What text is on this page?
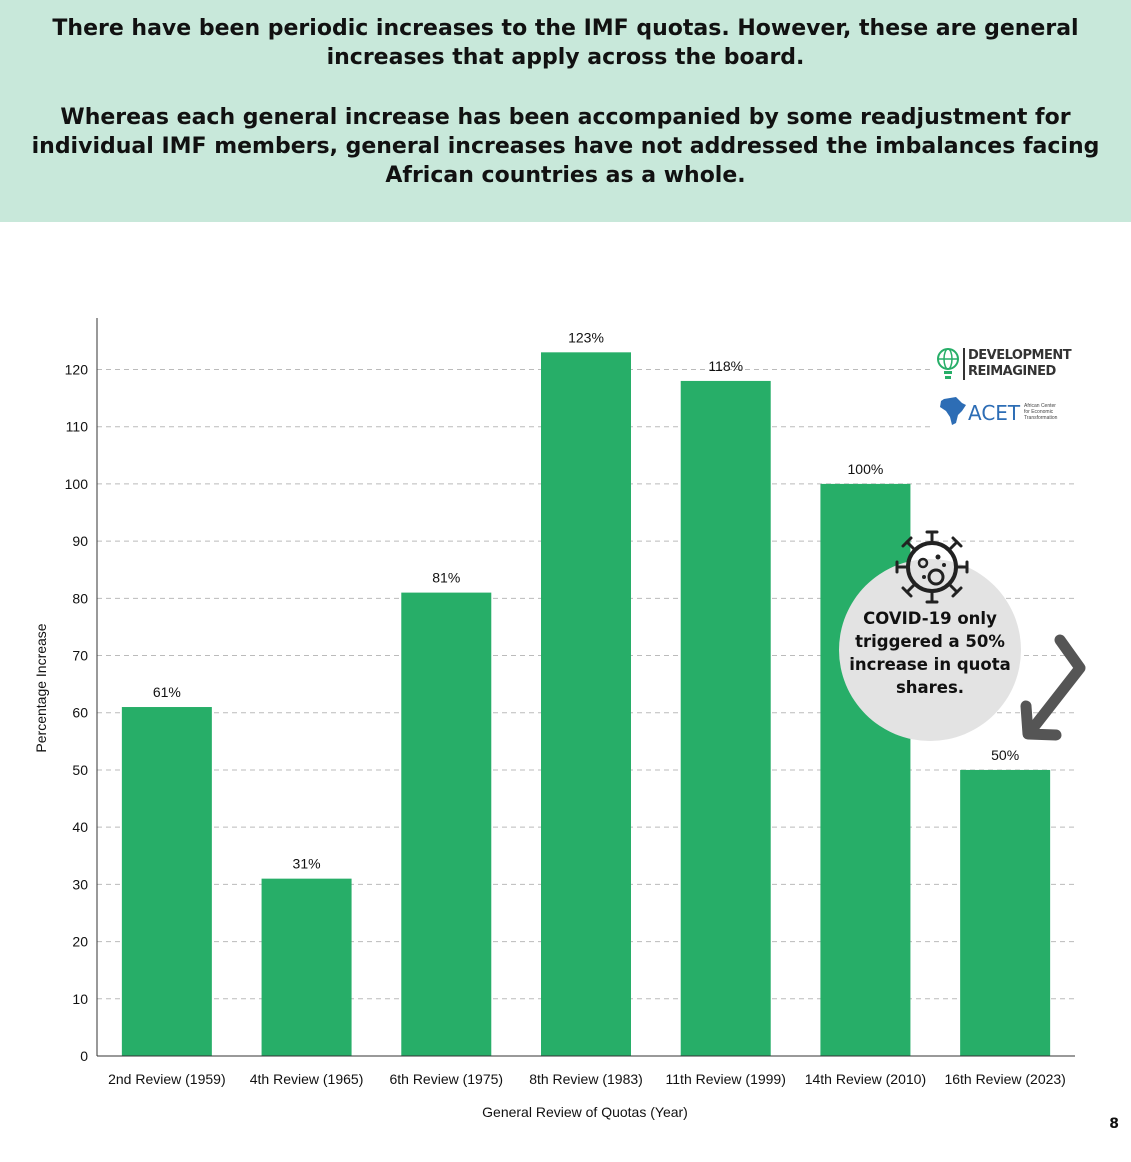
There have been periodic increases to the IMF quotas. However, these are general increases that apply across the board.

Whereas each general increase has been accompanied by some readjustment for individual IMF members, general increases have not addressed the imbalances facing African countries as a whole.

61%
31%
81%
123%
118%
100%
50%
0
10
20
30
40
50
60
70
80
90
100
110
120
2nd Review (1959) 4th Review (1965) 6th Review (1975) 8th Review (1983) 11th Review (1999) 14th Review (2010) 16th Review (2023)
General Review of Quotas (Year)
Percentage Increase

COVID-19 only triggered a 50% increase in quota shares.

DEVELOPMENT
REIMAGINED
ACET African Center
for Economic
Transformation
8
